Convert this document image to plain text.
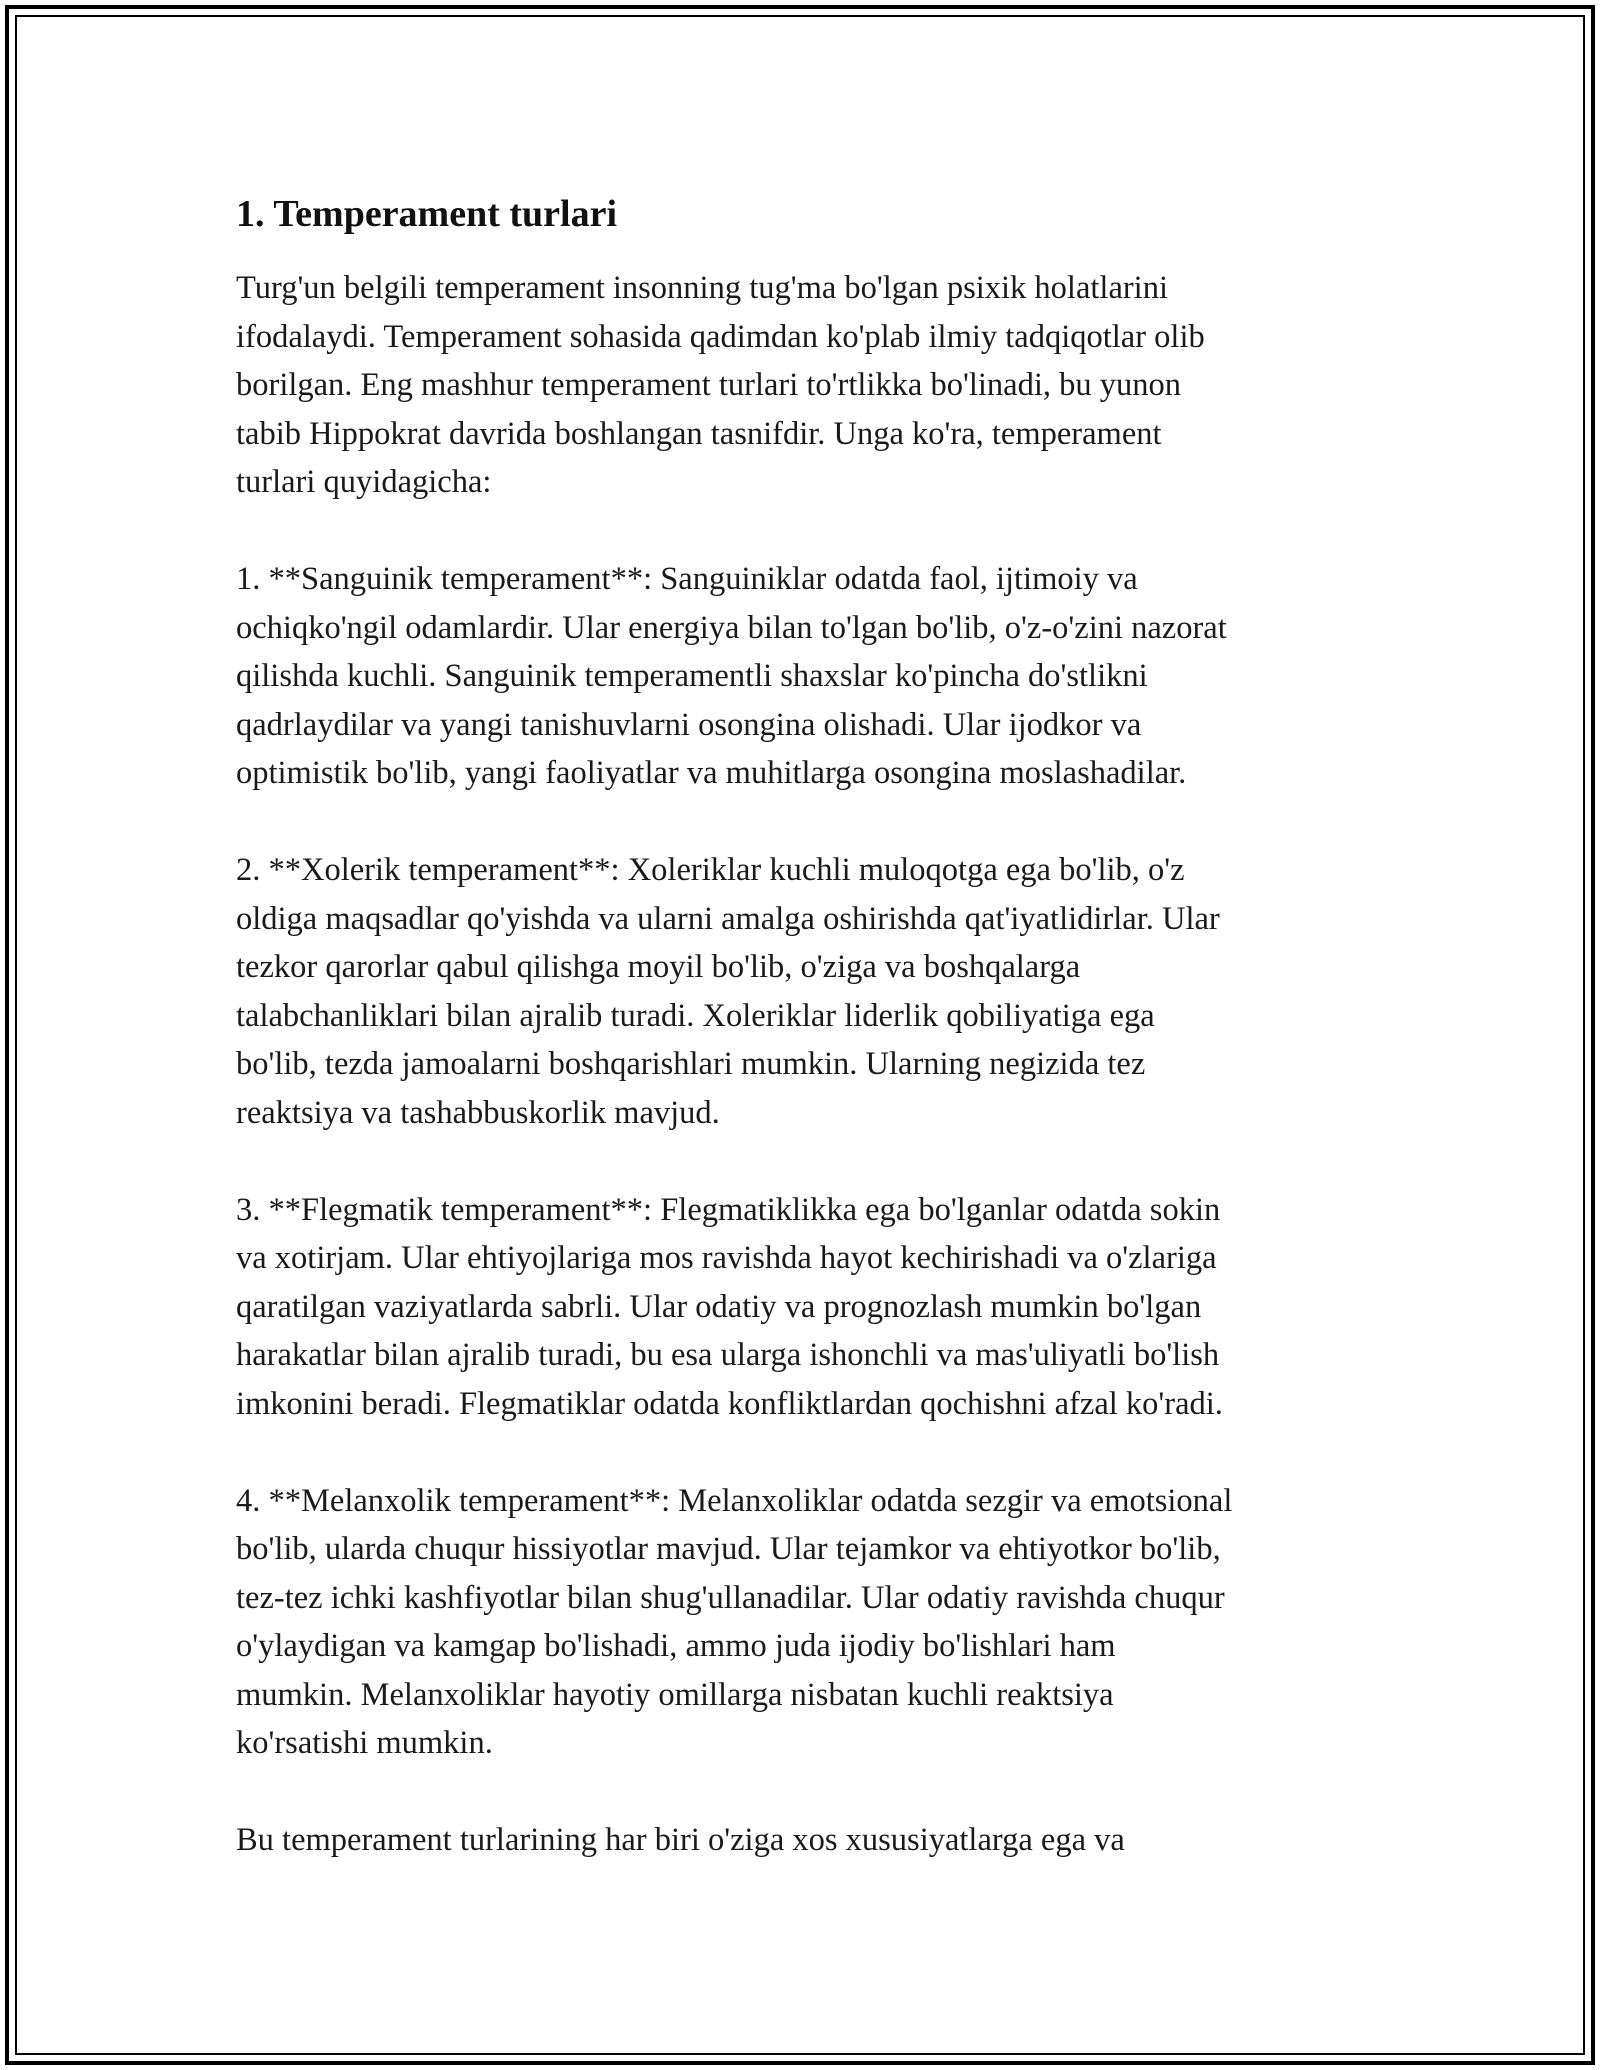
1. Temperament turlari

Turg'un belgili temperament insonning tug'ma bo'lgan psixik holatlarini
ifodalaydi. Temperament sohasida qadimdan ko'plab ilmiy tadqiqotlar olib
borilgan. Eng mashhur temperament turlari to'rtlikka bo'linadi, bu yunon
tabib Hippokrat davrida boshlangan tasnifdir. Unga ko'ra, temperament
turlari quyidagicha:

1. **Sanguinik temperament**: Sanguiniklar odatda faol, ijtimoiy va
ochiqko'ngil odamlardir. Ular energiya bilan to'lgan bo'lib, o'z-o'zini nazorat
qilishda kuchli. Sanguinik temperamentli shaxslar ko'pincha do'stlikni
qadrlaydilar va yangi tanishuvlarni osongina olishadi. Ular ijodkor va
optimistik bo'lib, yangi faoliyatlar va muhitlarga osongina moslashadilar.

2. **Xolerik temperament**: Xoleriklar kuchli muloqotga ega bo'lib, o'z
oldiga maqsadlar qo'yishda va ularni amalga oshirishda qat'iyatlidirlar. Ular
tezkor qarorlar qabul qilishga moyil bo'lib, o'ziga va boshqalarga
talabchanliklari bilan ajralib turadi. Xoleriklar liderlik qobiliyatiga ega
bo'lib, tezda jamoalarni boshqarishlari mumkin. Ularning negizida tez
reaktsiya va tashabbuskorlik mavjud.

3. **Flegmatik temperament**: Flegmatiklikka ega bo'lganlar odatda sokin
va xotirjam. Ular ehtiyojlariga mos ravishda hayot kechirishadi va o'zlariga
qaratilgan vaziyatlarda sabrli. Ular odatiy va prognozlash mumkin bo'lgan
harakatlar bilan ajralib turadi, bu esa ularga ishonchli va mas'uliyatli bo'lish
imkonini beradi. Flegmatiklar odatda konfliktlardan qochishni afzal ko'radi.

4. **Melanxolik temperament**: Melanxoliklar odatda sezgir va emotsional
bo'lib, ularda chuqur hissiyotlar mavjud. Ular tejamkor va ehtiyotkor bo'lib,
tez-tez ichki kashfiyotlar bilan shug'ullanadilar. Ular odatiy ravishda chuqur
o'ylaydigan va kamgap bo'lishadi, ammo juda ijodiy bo'lishlari ham
mumkin. Melanxoliklar hayotiy omillarga nisbatan kuchli reaktsiya
ko'rsatishi mumkin.

Bu temperament turlarining har biri o'ziga xos xususiyatlarga ega va
